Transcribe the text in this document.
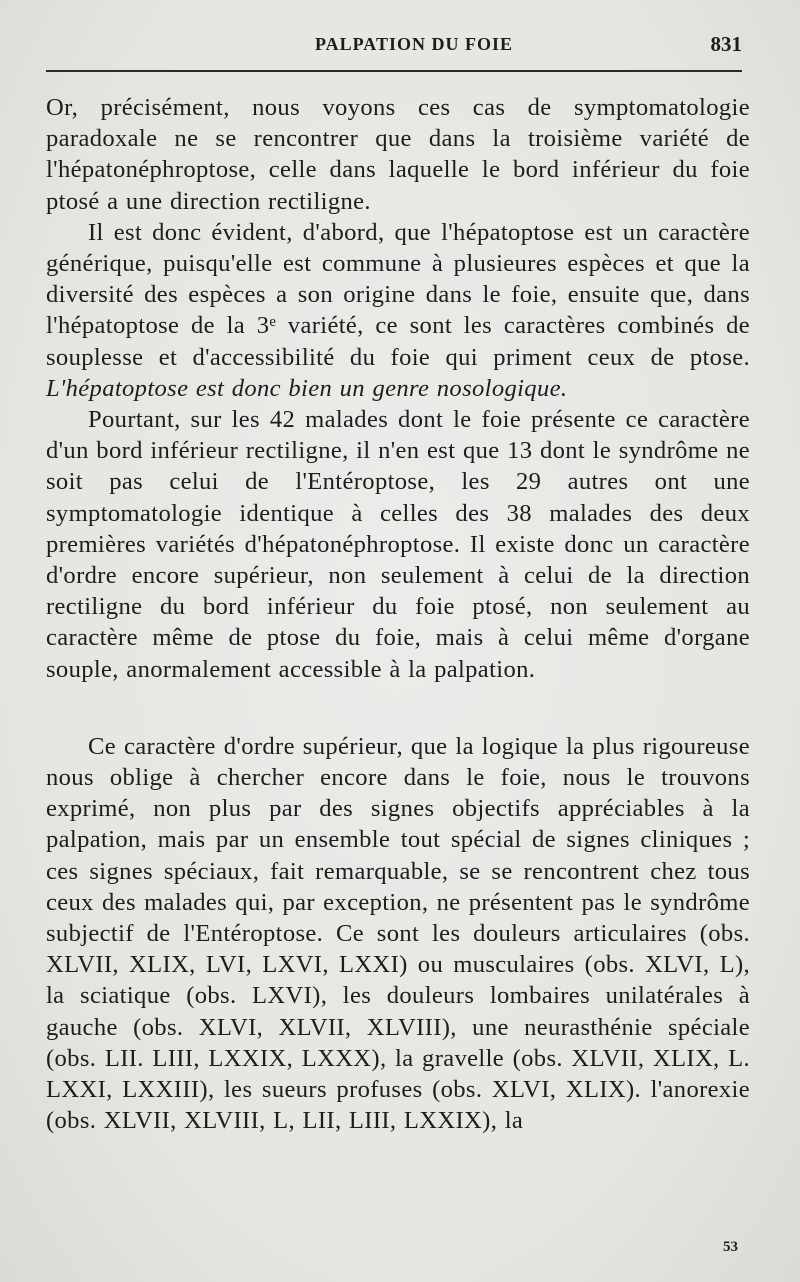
PALPATION DU FOIE	831

Or, précisément, nous voyons ces cas de symptomatologie paradoxale ne se rencontrer que dans la troisième variété de l'hépatonéphroptose, celle dans laquelle le bord inférieur du foie ptosé a une direction rectiligne.

Il est donc évident, d'abord, que l'hépatoptose est un caractère générique, puisqu'elle est commune à plusieures espèces et que la diversité des espèces a son origine dans le foie, ensuite que, dans l'hépatoptose de la 3ᵉ variété, ce sont les caractères combinés de souplesse et d'accessibilité du foie qui priment ceux de ptose. L'hépatoptose est donc bien un genre nosologique.

Pourtant, sur les 42 malades dont le foie présente ce caractère d'un bord inférieur rectiligne, il n'en est que 13 dont le syndrôme ne soit pas celui de l'Entéroptose, les 29 autres ont une symptomatologie identique à celles des 38 malades des deux premières variétés d'hépatonéphroptose. Il existe donc un caractère d'ordre encore supérieur, non seulement à celui de la direction rectiligne du bord inférieur du foie ptosé, non seulement au caractère même de ptose du foie, mais à celui même d'organe souple, anormalement accessible à la palpation.

Ce caractère d'ordre supérieur, que la logique la plus rigoureuse nous oblige à chercher encore dans le foie, nous le trouvons exprimé, non plus par des signes objectifs appréciables à la palpation, mais par un ensemble tout spécial de signes cliniques ; ces signes spéciaux, fait remarquable, se se rencontrent chez tous ceux des malades qui, par exception, ne présentent pas le syndrôme subjectif de l'Entéroptose. Ce sont les douleurs articulaires (obs. XLVII, XLIX, LVI, LXVI, LXXI) ou musculaires (obs. XLVI, L), la sciatique (obs. LXVI), les douleurs lombaires unilatérales à gauche (obs. XLVI, XLVII, XLVIII), une neurasthénie spéciale (obs. LII. LIII, LXXIX, LXXX), la gravelle (obs. XLVII, XLIX, L. LXXI, LXXIII), les sueurs profuses (obs. XLVI, XLIX). l'anorexie (obs. XLVII, XLVIII, L, LII, LIII, LXXIX), la

53
